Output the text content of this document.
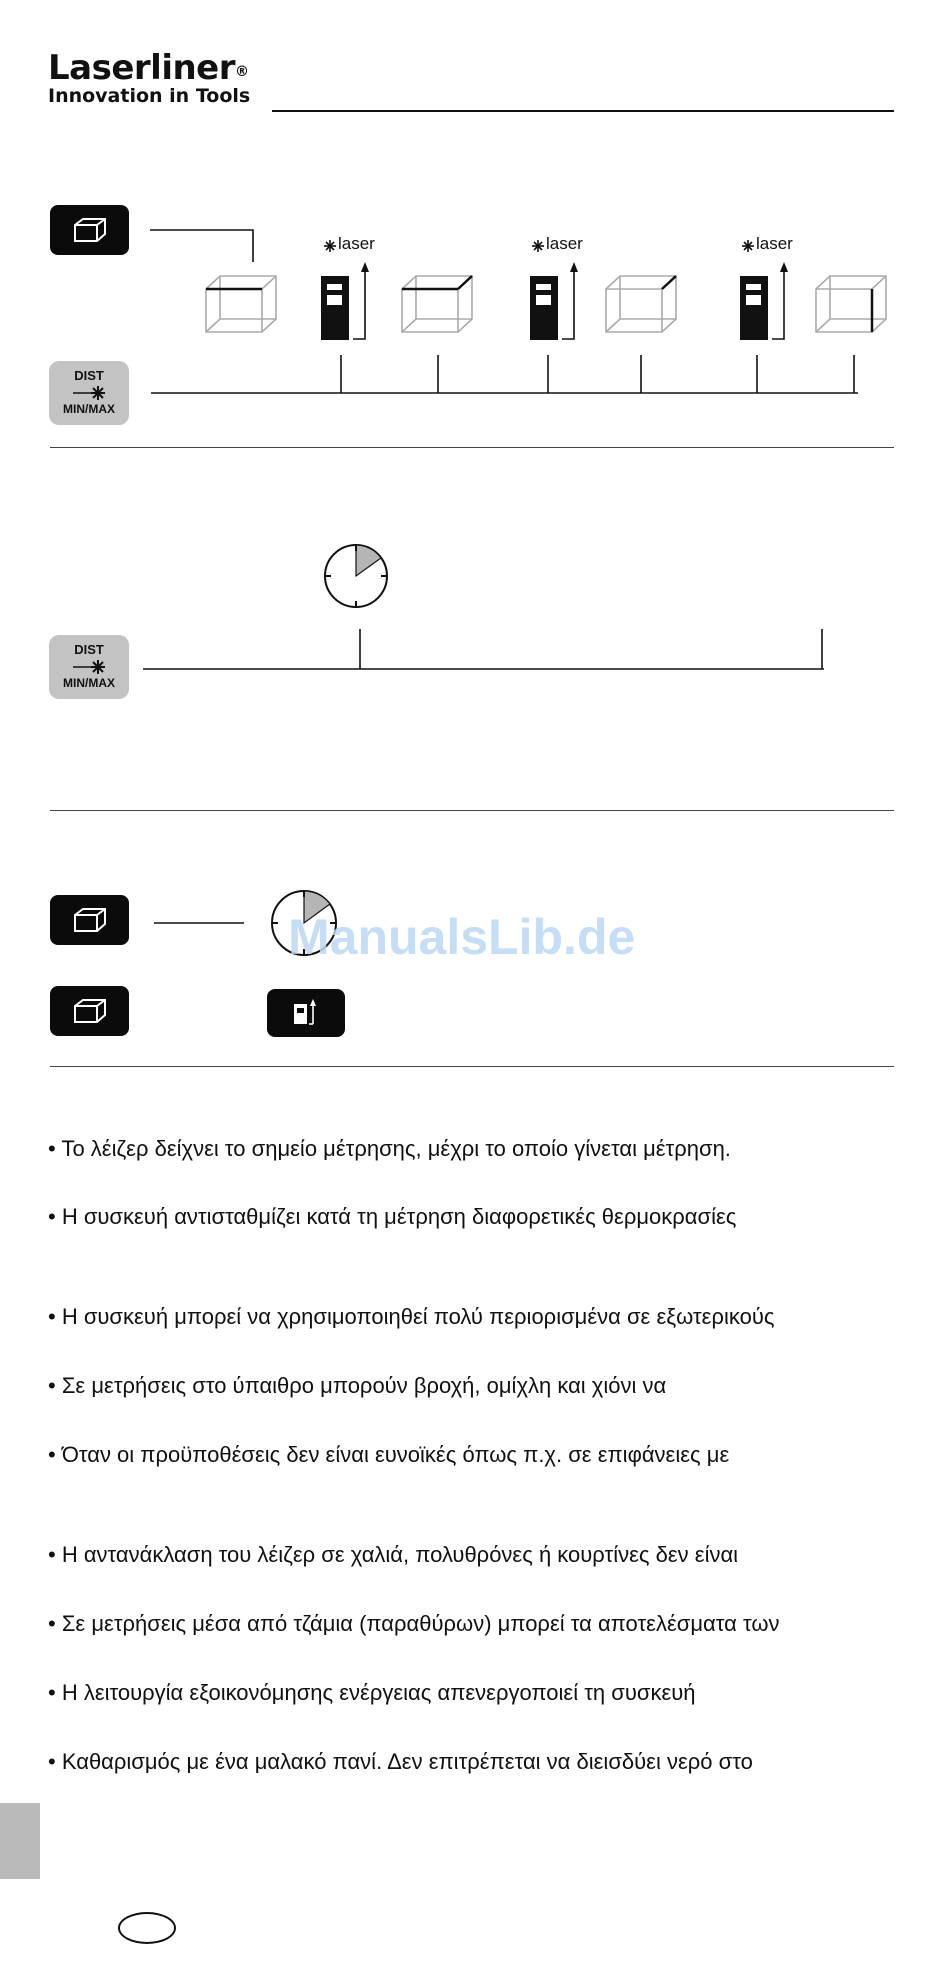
Laserliner®
Innovation in Tools
DIST
MIN/MAX
laser	laser	laser
DIST
MIN/MAX
ManualsLib.de
• Το λέιζερ δείχνει το σημείο μέτρησης, μέχρι το οποίο γίνεται μέτρηση.
• Η συσκευή αντισταθμίζει κατά τη μέτρηση διαφορετικές θερμοκρασίες
• Η συσκευή μπορεί να χρησιμοποιηθεί πολύ περιορισμένα σε εξωτερικούς
• Σε μετρήσεις στο ύπαιθρο μπορούν βροχή, ομίχλη και χιόνι να
• Όταν οι προϋποθέσεις δεν είναι ευνοϊκές όπως π.χ. σε επιφάνειες με
• Η αντανάκλαση του λέιζερ σε χαλιά, πολυθρόνες ή κουρτίνες δεν είναι
• Σε μετρήσεις μέσα από τζάμια (παραθύρων) μπορεί τα αποτελέσματα των
• Η λειτουργία εξοικονόμησης ενέργειας απενεργοποιεί τη συσκευή
• Καθαρισμός με ένα μαλακό πανί. Δεν επιτρέπεται να διεισδύει νερό στο
